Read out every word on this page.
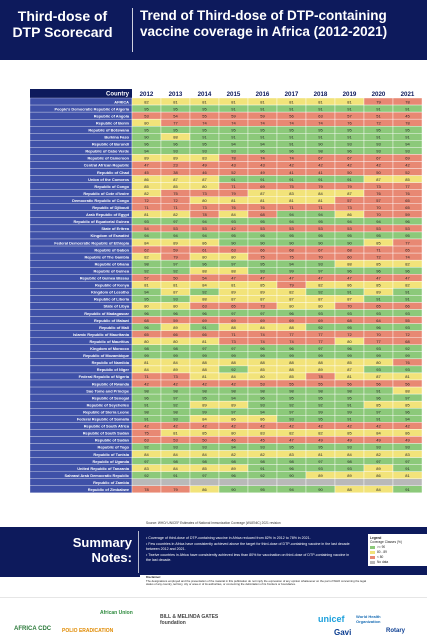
Third-dose of
DTP Scorecard
Trend of Third-dose of DTP-containing
vaccine coverage in Africa (2012-2021)
Country 2012 2013 2014 2015 2016 2017 2018 2019 2020 2021
AFRICA	82	81	81	81	81	81	81	81	79	78
People's Democratic Republic of Algeria	95	95	95	91	91	91	91	91	91	91
Republic of Angola	53	54	55	59	59	56	63	57	51	45
Republic of Benin	80	77	74	74	74	74	74	76	72	78
Republic of Botswana	95	95	95	95	95	95	95	95	95	95
Burkina Faso	90	88	91	91	91	91	91	91	91	91
Republic of Burundi	96	96	95	94	94	91	90	93	93	94
Republic of Cabo Verde	94	93	93	93	96	96	98	96	93	93
Republic of Cameroon	89	89	83	78	74	74	67	67	67	69
Central African Republic	47	23	49	43	43	42	42	42	42	42
Republic of Chad	45	38	46	52	49	41	41	50	50	52
Union of the Comoros	86	87	87	91	91	91	91	91	87	85
Republic of Congo	85	85	80	71	69	75	79	79	73	77
Republic of Cote d'Ivoire	82	75	73	79	87	83	84	87	76	76
Democratic Republic of Congo	72	72	80	81	81	81	81	57	57	65
Republic of Djibouti	71	71	73	76	76	71	71	73	70	65
Arab Republic of Egypt	81	82	78	84	68	94	94	86	70	59
Republic of Equatorial Guinea	93	97	94	93	95	94	95	94	94	96
State of Eritrea	54	53	53	42	53	53	53	53	53	53
Kingdom of Eswatini	94	94	94	95	95	95	95	95	95	95
Federal Democratic Republic of Ethiopia	84	89	86	90	90	90	90	90	85	77
Republic of Gabon	62	59	61	63	66	68	67	68	71	65
Republic of The Gambia	82	79	80	80	75	75	70	60	72	74
Republic of Ghana	98	97	96	97	95	94	93	88	85	82
Republic of Guinea	92	92	88	88	93	99	97	96	96	96
Republic of Guinea Bissau	57	50	54	47	47	47	47	47	47	47
Republic of Kenya	81	81	84	81	85	79	82	86	85	82
Kingdom of Lesotho	94	87	92	89	89	82	92	91	89	91
Republic of Liberia	95	93	88	87	87	87	87	87	91	91
State of Libya	80	80	63	65	73	80	80	70	65	66
Republic of Madagascar	96	96	96	97	97	96	93	93	93	93
Republic of Malawi	68	59	69	69	69	69	69	68	64	55
Republic of Mali	96	89	91	88	84	88	92	95	96	93
Islamic Republic of Mauritania	65	66	66	71	74	77	77	72	70	72
Republic of Mauritius	80	80	81	73	74	74	77	80	77	68
Kingdom of Morocco	98	98	97	97	96	96	97	96	93	92
Republic of Mozambique	99	99	99	99	99	99	99	99	99	99
Republic of Namibia	81	84	88	88	88	88	88	85	80	76
Republic of Niger	84	89	88	92	85	88	89	87	93	93
Federal Republic of Nigeria	71	73	81	84	80	85	78	81	87	81
Republic of Rwanda	42	42	42	42	53	55	55	56	56	56
Sao Tome and Principe	98	98	98	98	98	98	98	98	91	88
Republic of Senegal	96	97	95	94	96	95	95	95	96	97
Republic of Seychelles	91	92	89	89	93	92	92	91	85	85
Republic of Sierra Leone	98	98	99	97	94	97	99	99	97	96
Federal Republic of Somalia	91	93	84	86	86	93	95	91	91	94
Republic of South Africa	42	42	42	42	42	42	42	42	42	42
Republic of South Sudan	75	81	85	80	83	82	82	85	84	86
Republic of Sudan	63	53	50	46	45	47	49	49	49	49
Republic of Togo	92	93	93	94	93	95	95	93	93	93
Republic of Tunisia	84	84	84	82	82	83	81	84	82	83
Republic of Uganda	97	98	98	98	98	98	97	98	97	97
United Republic of Tanzania	83	84	85	89	91	96	93	93	89	91
Sahrawi Arab Democratic Republic	92	91	97	96	92	90	89	89	86	81
Republic of Zambia
Republic of Zimbabwe	78	79	86	90	95	94	90	88	84	91
Source: WHO/ UNICEF Estimates of National Immunization Coverage (WUENIC) 2021 revision
Summary
Notes:
• Coverage of third-dose of DTP-containing vaccine in Africa reduced from 82% in 2012 to 78% in 2021.
• Few countries in Africa have consistently achieved above the target for third-dose of DTP-containing vaccine in the last decade between 2012 and 2021.
• Twelve countries in Africa have consistently achieved less than 80% for vaccination on third-dose of DTP-containing vaccine in the last decade.
Legend
Coverage Classes (%)
>= 90
80 - 89
< 80
No data
Disclaimer:
The designations employed and the presentation of the material in this publication do not imply the expression of any opinion whatsoever on the part of WHO concerning the legal status of any country, territory, city or area or of its authorities, or concerning the delimitation of its frontiers or boundaries.
AFRICA CDC POLIO ERADICATION
African Union
BILL & MELINDA GATES foundation	unicef	World Health Organization
Gavi	Rotary
